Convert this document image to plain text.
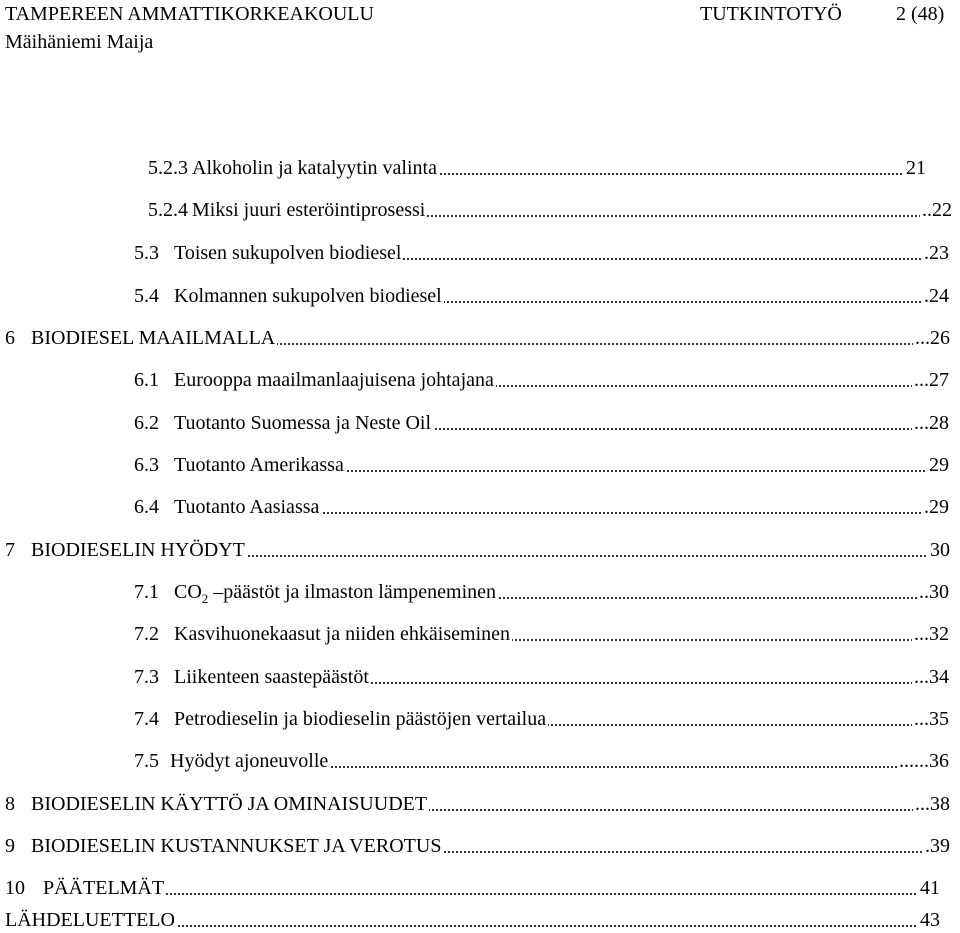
TAMPEREEN AMMATTIKORKEAKOULU
Mäihäniemi Maija
TUTKINTOTYÖ	2 (48)
5.2.3 Alkoholin ja katalyytin valinta	21
5.2.4 Miksi juuri esteröintiprosessi	..22
5.3 Toisen sukupolven biodiesel	.23
5.4 Kolmannen sukupolven biodiesel	.24
6 BIODIESEL MAAILMALLA	...26
6.1 Eurooppa maailmanlaajuisena johtajana	...27
6.2 Tuotanto Suomessa ja Neste Oil	...28
6.3 Tuotanto Amerikassa	29
6.4 Tuotanto Aasiassa	.29
7 BIODIESELIN HYÖDYT	30
7.1 $CO_2$ –päästöt ja ilmaston lämpeneminen	..30
7.2 Kasvihuonekaasut ja niiden ehkäiseminen	...32
7.3 Liikenteen saastepäästöt	...34
7.4 Petrodieselin ja biodieselin päästöjen vertailua	...35
7.5 Hyödyt ajoneuvolle	......36
8 BIODIESELIN KÄYTTÖ JA OMINAISUUDET	...38
9 BIODIESELIN KUSTANNUKSET JA VEROTUS	.39
10 PÄÄTELMÄT	41
LÄHDELUETTELO	43
